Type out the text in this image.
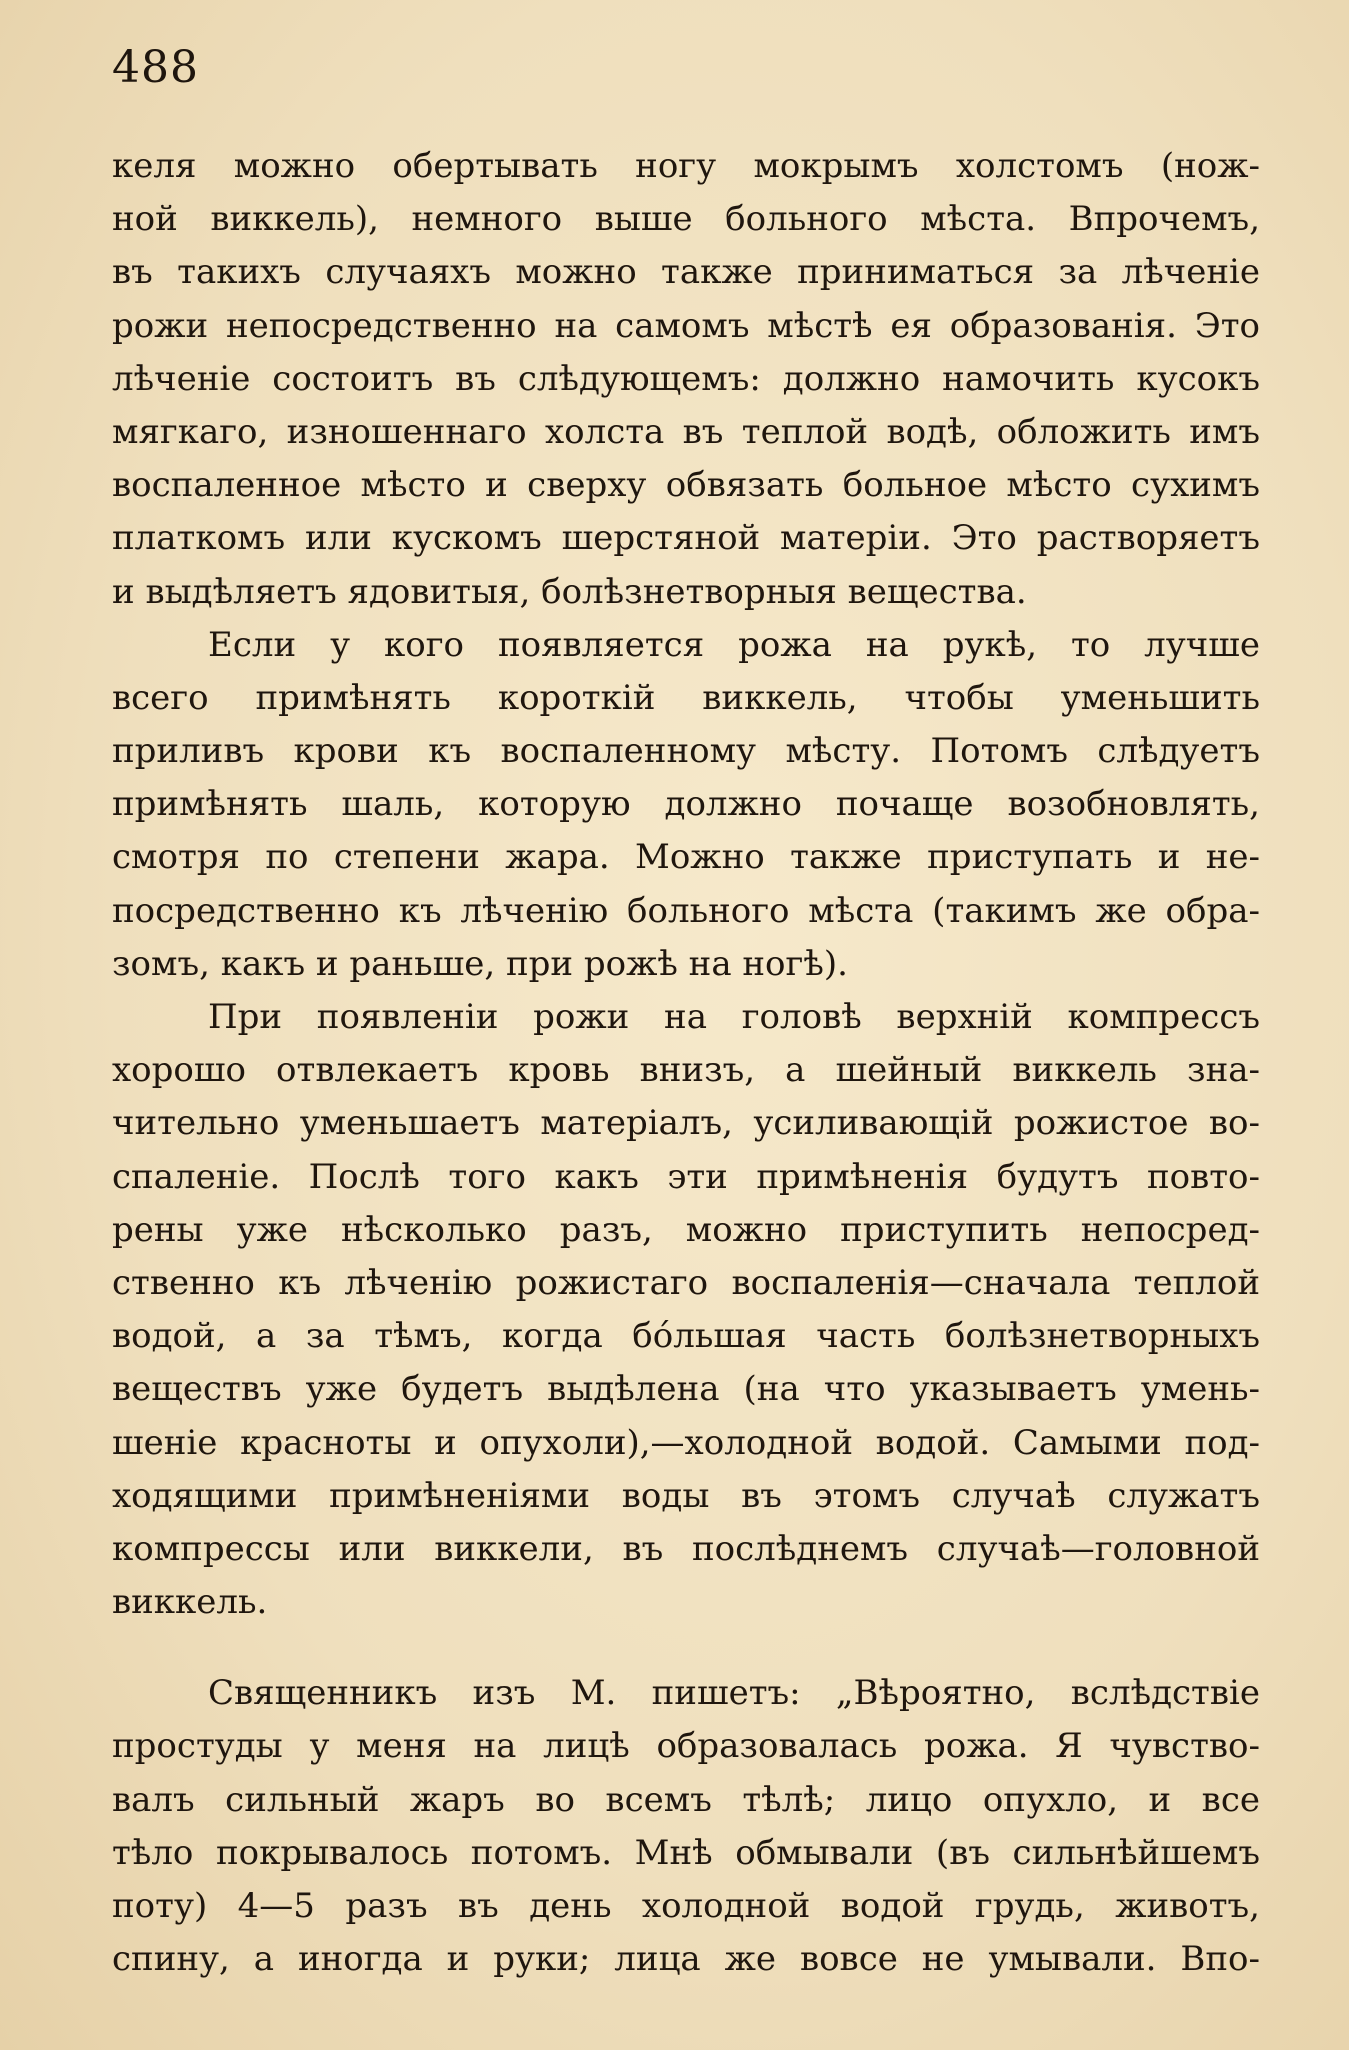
488
келя можно обертывать ногу мокрымъ холстомъ (нож-
ной виккель), немного выше больного мѣста. Впрочемъ,
въ такихъ случаяхъ можно также приниматься за лѣченіе
рожи непосредственно на самомъ мѣстѣ ея образованія. Это
лѣченіе состоитъ въ слѣдующемъ: должно намочить кусокъ
мягкаго, изношеннаго холста въ теплой водѣ, обложить имъ
воспаленное мѣсто и сверху обвязать больное мѣсто сухимъ
платкомъ или кускомъ шерстяной матеріи. Это растворяетъ
и выдѣляетъ ядовитыя, болѣзнетворныя вещества.
Если у кого появляется рожа на рукѣ, то лучше
всего примѣнять короткій виккель, чтобы уменьшить
приливъ крови къ воспаленному мѣсту. Потомъ слѣдуетъ
примѣнять шаль, которую должно почаще возобновлять,
смотря по степени жара. Можно также приступать и не-
посредственно къ лѣченію больного мѣста (такимъ же обра-
зомъ, какъ и раньше, при рожѣ на ногѣ).
При появленіи рожи на головѣ верхній компрессъ
хорошо отвлекаетъ кровь внизъ, а шейный виккель зна-
чительно уменьшаетъ матеріалъ, усиливающій рожистое во-
спаленіе. Послѣ того какъ эти примѣненія будутъ повто-
рены уже нѣсколько разъ, можно приступить непосред-
ственно къ лѣченію рожистаго воспаленія—сначала теплой
водой, а за тѣмъ, когда бóльшая часть болѣзнетворныхъ
веществъ уже будетъ выдѣлена (на что указываетъ умень-
шеніе красноты и опухоли),—холодной водой. Самыми под-
ходящими примѣненіями воды въ этомъ случаѣ служатъ
компрессы или виккели, въ послѣднемъ случаѣ—головной
виккель.
Священникъ изъ М. пишетъ: „Вѣроятно, вслѣдствіе
простуды у меня на лицѣ образовалась рожа. Я чувство-
валъ сильный жаръ во всемъ тѣлѣ; лицо опухло, и все
тѣло покрывалось потомъ. Мнѣ обмывали (въ сильнѣйшемъ
поту) 4—5 разъ въ день холодной водой грудь, животъ,
спину, а иногда и руки; лица же вовсе не умывали. Впо-
